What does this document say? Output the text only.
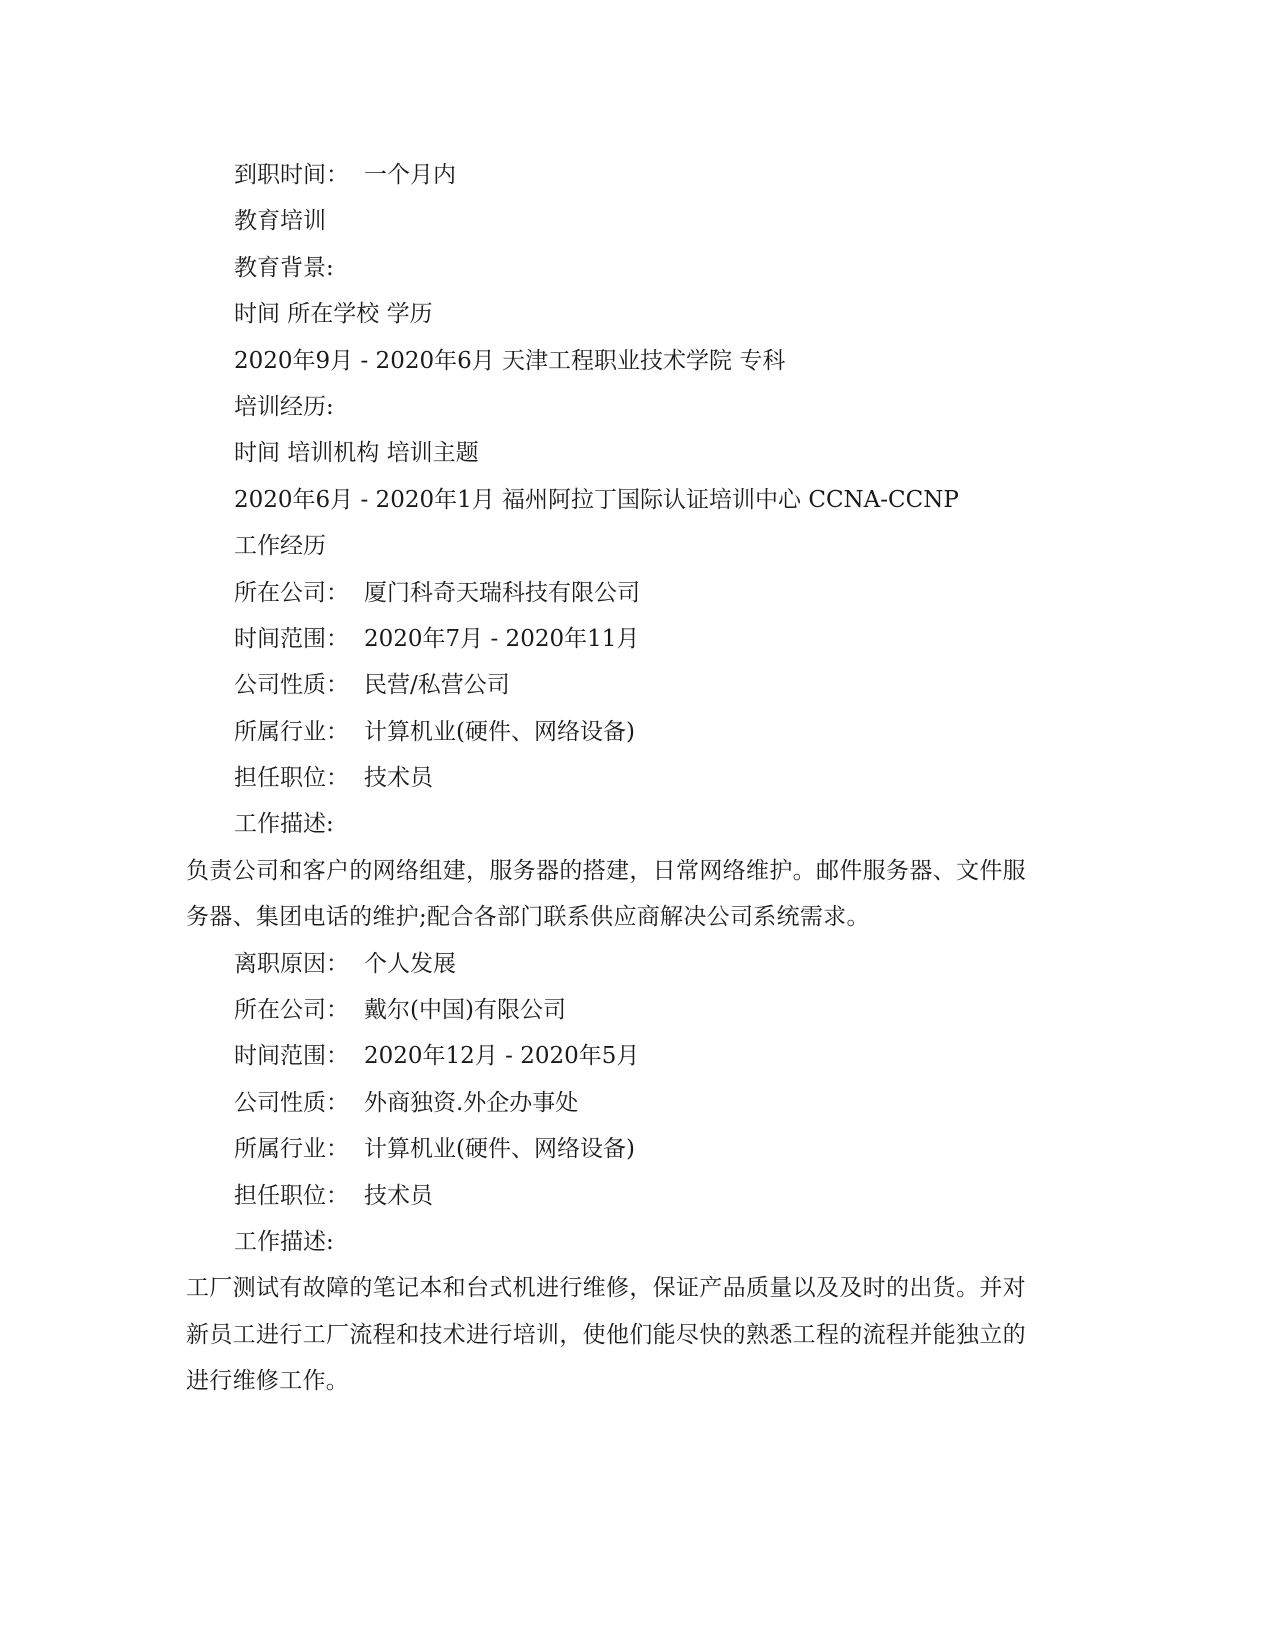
到职时间： 一个月内
教育培训
教育背景:
时间 所在学校 学历
2020年9月 - 2020年6月 天津工程职业技术学院 专科
培训经历:
时间 培训机构 培训主题
2020年6月 - 2020年1月 福州阿拉丁国际认证培训中心 CCNA-CCNP
工作经历
所在公司： 厦门科奇天瑞科技有限公司
时间范围： 2020年7月 - 2020年11月
公司性质： 民营/私营公司
所属行业： 计算机业(硬件、网络设备)
担任职位： 技术员
工作描述:
负责公司和客户的网络组建，服务器的搭建，日常网络维护。邮件服务器、文件服务器、集团电话的维护;配合各部门联系供应商解决公司系统需求。
离职原因： 个人发展
所在公司： 戴尔(中国)有限公司
时间范围： 2020年12月 - 2020年5月
公司性质： 外商独资.外企办事处
所属行业： 计算机业(硬件、网络设备)
担任职位： 技术员
工作描述:
工厂测试有故障的笔记本和台式机进行维修，保证产品质量以及及时的出货。并对新员工进行工厂流程和技术进行培训，使他们能尽快的熟悉工程的流程并能独立的进行维修工作。
